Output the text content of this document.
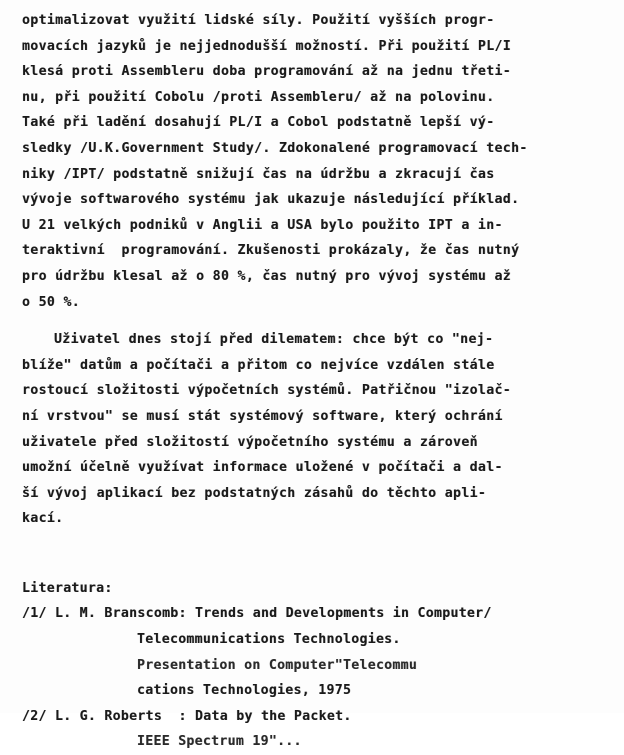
optimalizovat využití lidské síly. Použití vyšších progr-
movacích jazyků je nejjednodušší možností. Při použití PL/I
klesá proti Assembleru doba programování až na jednu třeti-
nu, při použití Cobolu /proti Assembleru/ až na polovinu.
Také při ladění dosahují PL/I a Cobol podstatně lepší vý-
sledky /U.K.Government Study/. Zdokonalené programovací tech-
niky /IPT/ podstatně snižují čas na údržbu a zkracují čas
vývoje softwarového systému jak ukazuje následující příklad.
U 21 velkých podniků v Anglii a USA bylo použito IPT a in-
teraktivní  programování. Zkušenosti prokázaly, že čas nutný
pro údržbu klesal až o 80 %, čas nutný pro vývoj systému až
o 50 %.
Uživatel dnes stojí před dilematem: chce být co "nej-
blíže" datům a počítači a přitom co nejvíce vzdálen stále
rostoucí složitosti výpočetních systémů. Patřičnou "izolač-
ní vrstvou" se musí stát systémový software, který ochrání
uživatele před složitostí výpočetního systému a zároveň
umožní účelně využívat informace uložené v počítači a dal-
ší vývoj aplikací bez podstatných zásahů do těchto apli-
kací.
Literatura:
/1/ L. M. Branscomb: Trends and Developments in Computer/
Telecommunications Technologies.
Presentation on Computer"Telecommu
cations Technologies, 1975
/2/ L. G. Roberts  : Data by the Packet.
IEEE Spectrum 19"...
